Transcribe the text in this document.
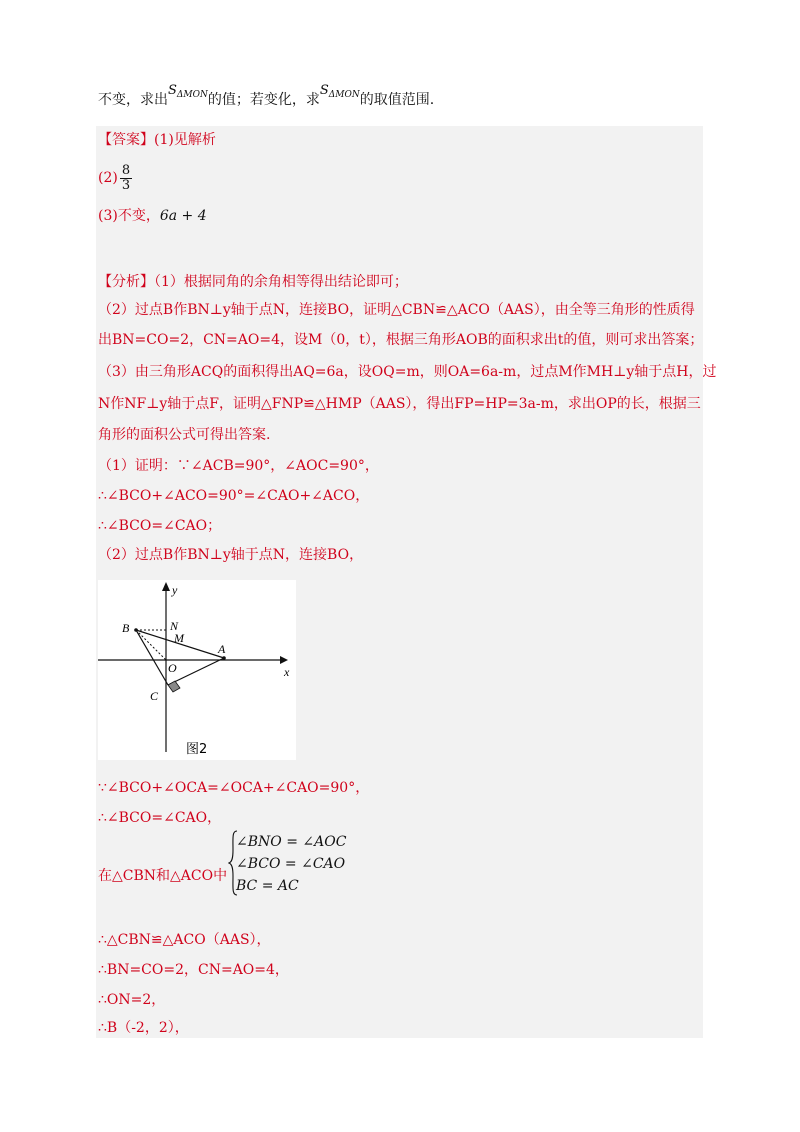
不变，求出$S^{\Delta MON}$的值；若变化，求$S^{\Delta MON}$的取值范围.
【答案】(1)见解析
$(2) \frac{8}{3}$
(3)不变，6a + 4
【分析】（1）根据同角的余角相等得出结论即可；
（2）过点B作BN⊥y轴于点N，连接BO，证明△CBN≌△ACO（AAS），由全等三角形的性质得
出BN=CO=2，CN=AO=4，设M（0，t），根据三角形AOB的面积求出t的值，则可求出答案；
（3）由三角形ACQ的面积得出AQ=6a，设OQ=m，则OA=6a-m，过点M作MH⊥y轴于点H，过
N作NF⊥y轴于点F，证明△FNP≌△HMP（AAS），得出FP=HP=3a-m，求出OP的长，根据三
角形的面积公式可得出答案.
（1）证明：∵∠ACB=90°，∠AOC=90°，
∴∠BCO+∠ACO=90°=∠CAO+∠ACO，
∴∠BCO=∠CAO；
（2）过点B作BN⊥y轴于点N，连接BO，
y
x
B	N
M
A
O
C
图2
∵∠BCO+∠OCA=∠OCA+∠CAO=90°，
∴∠BCO=∠CAO，
在△CBN和△ACO中
∠BNO = ∠AOC
∠BCO = ∠CAO
BC = AC
∴△CBN≌△ACO（AAS），
∴BN=CO=2，CN=AO=4，
∴ON=2，
∴B（-2，2），
